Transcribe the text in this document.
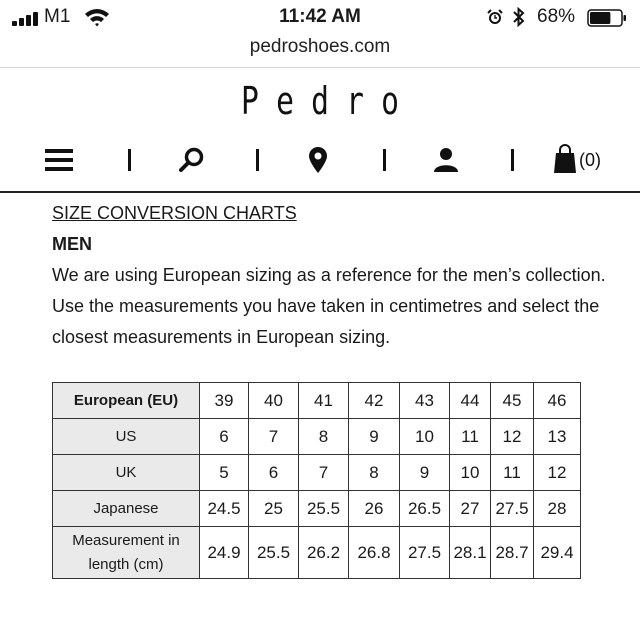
M1	11:42 AM	68%
pedroshoes.com
Pedro
(0)
SIZE CONVERSION CHARTS
MEN
We are using European sizing as a reference for the men’s collection.
Use the measurements you have taken in centimetres and select the closest measurements in European sizing.
European (EU)	39	40	41	42	43	44	45	46
US	6	7	8	9	10	11	12	13
UK	5	6	7	8	9	10	11	12
Japanese	24.5	25	25.5	26	26.5	27	27.5	28

Measurement in
length (cm)	24.9	25.5	26.2	26.8	27.5	28.1	28.7	29.4
